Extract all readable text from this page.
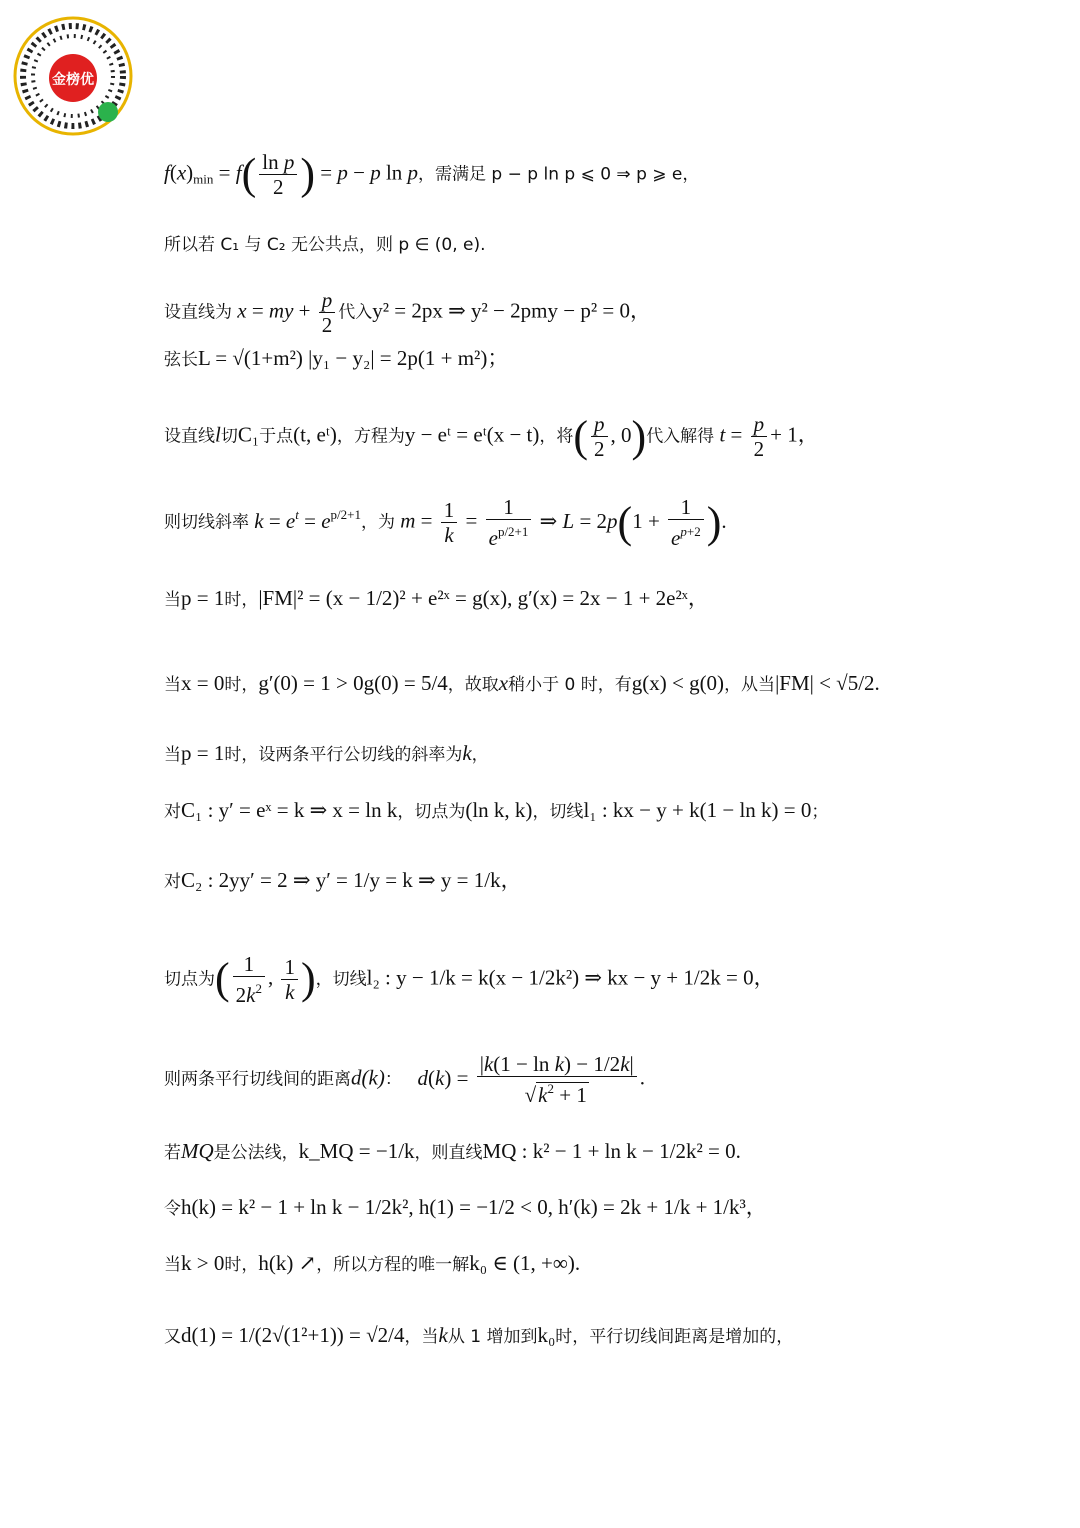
金榜优
$f(x)_{min} = f( \frac{\text{ln p}}{2}$ ) = p − p ln p，需满足 p − p ln p ⩽ 0 ⇒ p ⩾ e，
所以若 C₁ 与 C₂ 无公共点，则 p ∈ (0, e).
设直线为 x = my + $\frac{p}{2}$ 代入y² = 2px ⇒ y² − 2pmy − p² = 0，
弦长L = √(1+m²) |y₁ − y₂| = 2p(1 + m²)；
设直线l切C₁于点(t, eᵗ)，方程为y − eᵗ = eᵗ(x − t)，将( $\frac{p}{2}$ , 0)代入解得 $t = \frac{p}{2} + 1$，
则切线斜率 $k = e^t = e^{p/2+1}$，为 $m = \frac{1}{k} = \frac{1}{e^{p/2+1}}$ ⇒ $L = 2p(1 + \frac{1}{e^{p+2}}$ ).
当p = 1时，|FM|² = (x − 1/2)² + e²ˣ = g(x), g′(x) = 2x − 1 + 2e²ˣ，
当x = 0时，g′(0) = 1 > 0g(0) = 5/4，故取x稍小于 0 时，有g(x) < g(0)，从当|FM| < √5/2.
当p = 1时，设两条平行公切线的斜率为k，
对C₁ : y′ = eˣ = k ⇒ x = ln k，切点为(ln k, k)，切线l₁ : kx − y + k(1 − ln k) = 0；
对C₂ : 2yy′ = 2 ⇒ y′ = 1/y = k ⇒ y = 1/k，
切点为( $\frac{1}{2k^2}$ , $\frac{1}{k}$ )，切线l₂ : y − 1/k = k(x − 1/2k²) ⇒ kx − y + 1/2k = 0，
则两条平行切线间的距离d(k)： $d(k) = \frac{\text{|k(1 − ln k) − 1/2k|}}{√k^2 + 1}$ .
若MQ是公法线，k_MQ = −1/k，则直线MQ : k² − 1 + ln k − 1/2k² = 0.
令h(k) = k² − 1 + ln k − 1/2k², h(1) = −1/2 < 0, h′(k) = 2k + 1/k + 1/k³，
当k > 0时，h(k) ↗，所以方程的唯一解k₀ ∈ (1, +∞).
又d(1) = 1/(2√(1²+1)) = √2/4，当k从 1 增加到k₀时，平行切线间距离是增加的，
